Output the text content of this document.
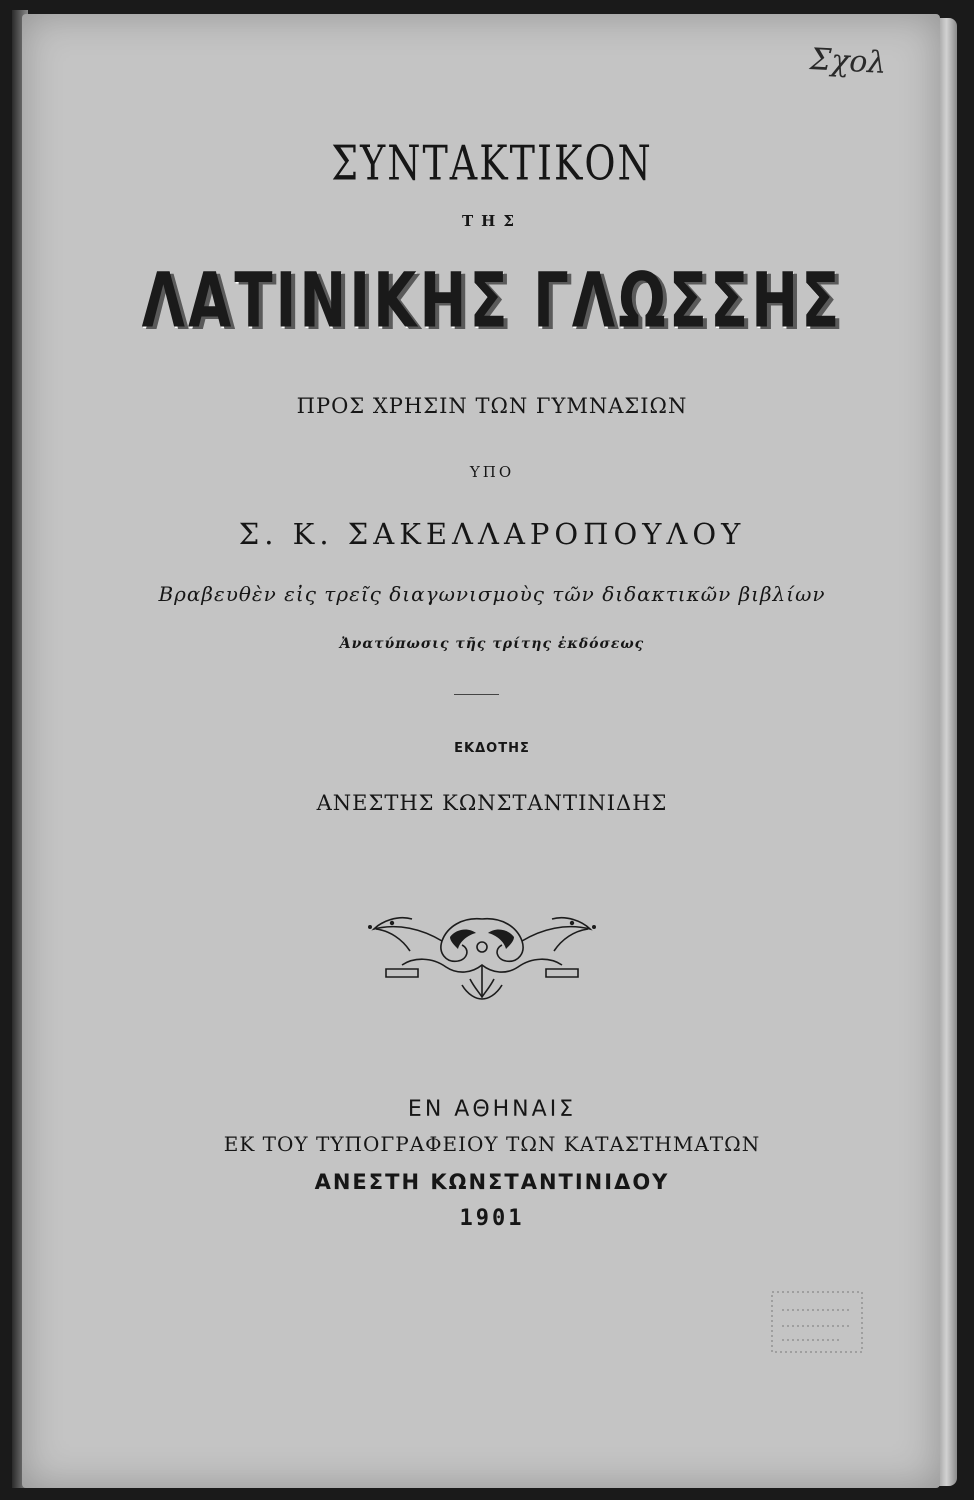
Σχολ
ΣΥΝΤΑΚΤΙΚΟΝ
ΤΗΣ
ΛΑΤΙΝΙΚΗΣ ΓΛΩΣΣΗΣ
ΠΡΟΣ ΧΡΗΣΙΝ ΤΩΝ ΓΥΜΝΑΣΙΩΝ
ΥΠΟ
Σ. Κ. ΣΑΚΕΛΛΑΡΟΠΟΥΛΟΥ
Βραβευθὲν εἰς τρεῖς διαγωνισμοὺς τῶν διδακτικῶν βιβλίων
Ἀνατύπωσις τῆς τρίτης ἐκδόσεως
ΕΚΔΟΤΗΣ
ΑΝΕΣΤΗΣ ΚΩΝΣΤΑΝΤΙΝΙΔΗΣ
ΕΝ ΑΘΗΝΑΙΣ
ΕΚ ΤΟΥ ΤΥΠΟΓΡΑΦΕΙΟΥ ΤΩΝ ΚΑΤΑΣΤΗΜΑΤΩΝ
ΑΝΕΣΤΗ ΚΩΝΣΤΑΝΤΙΝΙΔΟΥ
1901
